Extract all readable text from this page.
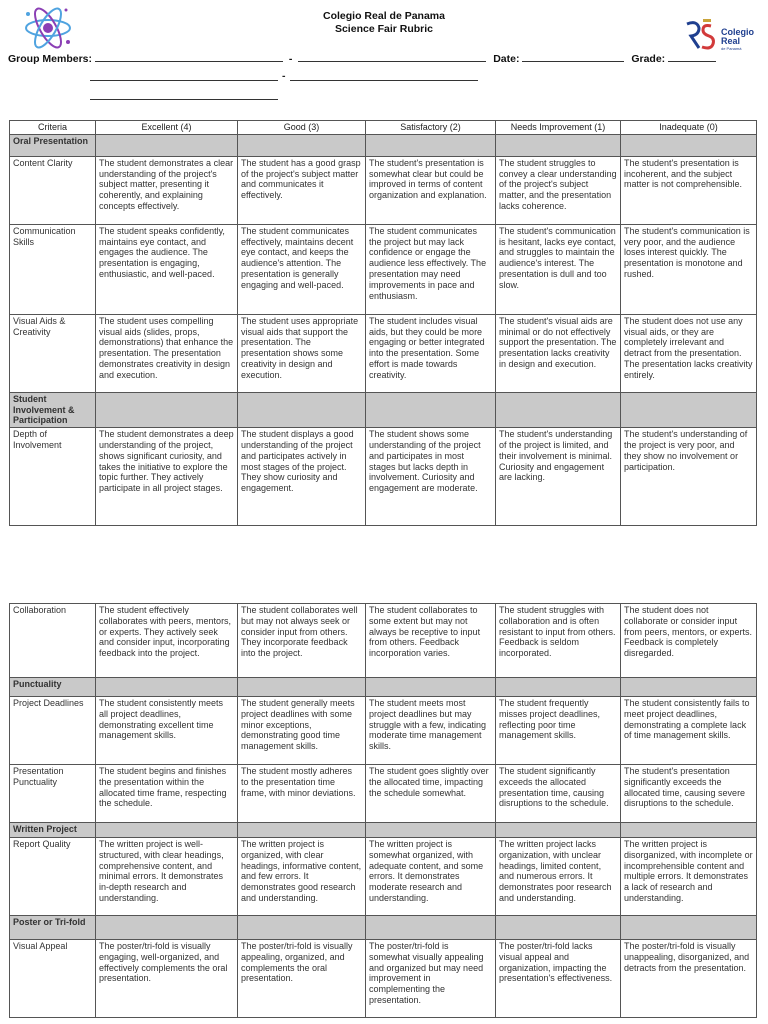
Colegio Real de Panama
Science Fair Rubric	Colegio
Real
de Panamá
Group Members:	-	Date:	Grade:
-
Criteria	Excellent (4)	Good (3)	Satisfactory (2)	Needs Improvement (1)	Inadequate (0)
Oral Presentation					
Content Clarity	The student demonstrates a clear understanding of the project's subject matter, presenting it coherently, and explaining concepts effectively.	The student has a good grasp of the project's subject matter and communicates it effectively.	The student's presentation is somewhat clear but could be improved in terms of content organization and explanation.	The student struggles to convey a clear understanding of the project's subject matter, and the presentation lacks coherence.	The student's presentation is incoherent, and the subject matter is not comprehensible.
Communication Skills	The student speaks confidently, maintains eye contact, and engages the audience. The presentation is engaging, enthusiastic, and well-paced.	The student communicates effectively, maintains decent eye contact, and keeps the audience's attention. The presentation is generally engaging and well-paced.	The student communicates the project but may lack confidence or engage the audience less effectively. The presentation may need improvements in pace and enthusiasm.	The student's communication is hesitant, lacks eye contact, and struggles to maintain the audience's interest. The presentation is dull and too slow.	The student's communication is very poor, and the audience loses interest quickly. The presentation is monotone and rushed.
Visual Aids & Creativity	The student uses compelling visual aids (slides, props, demonstrations) that enhance the presentation. The presentation demonstrates creativity in design and execution.	The student uses appropriate visual aids that support the presentation. The presentation shows some creativity in design and execution.	The student includes visual aids, but they could be more engaging or better integrated into the presentation. Some effort is made towards creativity.	The student's visual aids are minimal or do not effectively support the presentation. The presentation lacks creativity in design and execution.	The student does not use any visual aids, or they are completely irrelevant and detract from the presentation. The presentation lacks creativity entirely.
Student Involvement & Participation					
Depth of Involvement	The student demonstrates a deep understanding of the project, shows significant curiosity, and takes the initiative to explore the topic further. They actively participate in all project stages.	The student displays a good understanding of the project and participates actively in most stages of the project. They show curiosity and engagement.	The student shows some understanding of the project and participates in most stages but lacks depth in involvement. Curiosity and engagement are moderate.	The student's understanding of the project is limited, and their involvement is minimal. Curiosity and engagement are lacking.	The student's understanding of the project is very poor, and they show no involvement or participation.
Collaboration	The student effectively collaborates with peers, mentors, or experts. They actively seek and consider input, incorporating feedback into the project.	The student collaborates well but may not always seek or consider input from others. They incorporate feedback into the project.	The student collaborates to some extent but may not always be receptive to input from others. Feedback incorporation varies.	The student struggles with collaboration and is often resistant to input from others. Feedback is seldom incorporated.	The student does not collaborate or consider input from peers, mentors, or experts. Feedback is completely disregarded.
Punctuality					
Project Deadlines	The student consistently meets all project deadlines, demonstrating excellent time management skills.	The student generally meets project deadlines with some minor exceptions, demonstrating good time management skills.	The student meets most project deadlines but may struggle with a few, indicating moderate time management skills.	The student frequently misses project deadlines, reflecting poor time management skills.	The student consistently fails to meet project deadlines, demonstrating a complete lack of time management skills.
Presentation Punctuality	The student begins and finishes the presentation within the allocated time frame, respecting the schedule.	The student mostly adheres to the presentation time frame, with minor deviations.	The student goes slightly over the allocated time, impacting the schedule somewhat.	The student significantly exceeds the allocated presentation time, causing disruptions to the schedule.	The student's presentation significantly exceeds the allocated time, causing severe disruptions to the schedule.
Written Project					
Report Quality	The written project is well-structured, with clear headings, comprehensive content, and minimal errors. It demonstrates in-depth research and understanding.	The written project is organized, with clear headings, informative content, and few errors. It demonstrates good research and understanding.	The written project is somewhat organized, with adequate content, and some errors. It demonstrates moderate research and understanding.	The written project lacks organization, with unclear headings, limited content, and numerous errors. It demonstrates poor research and understanding.	The written project is disorganized, with incomplete or incomprehensible content and multiple errors. It demonstrates a lack of research and understanding.
Poster or Tri-fold					
Visual Appeal	The poster/tri-fold is visually engaging, well-organized, and effectively complements the oral presentation.	The poster/tri-fold is visually appealing, organized, and complements the oral presentation.	The poster/tri-fold is somewhat visually appealing and organized but may need improvement in complementing the presentation.	The poster/tri-fold lacks visual appeal and organization, impacting the presentation's effectiveness.	The poster/tri-fold is visually unappealing, disorganized, and detracts from the presentation.
